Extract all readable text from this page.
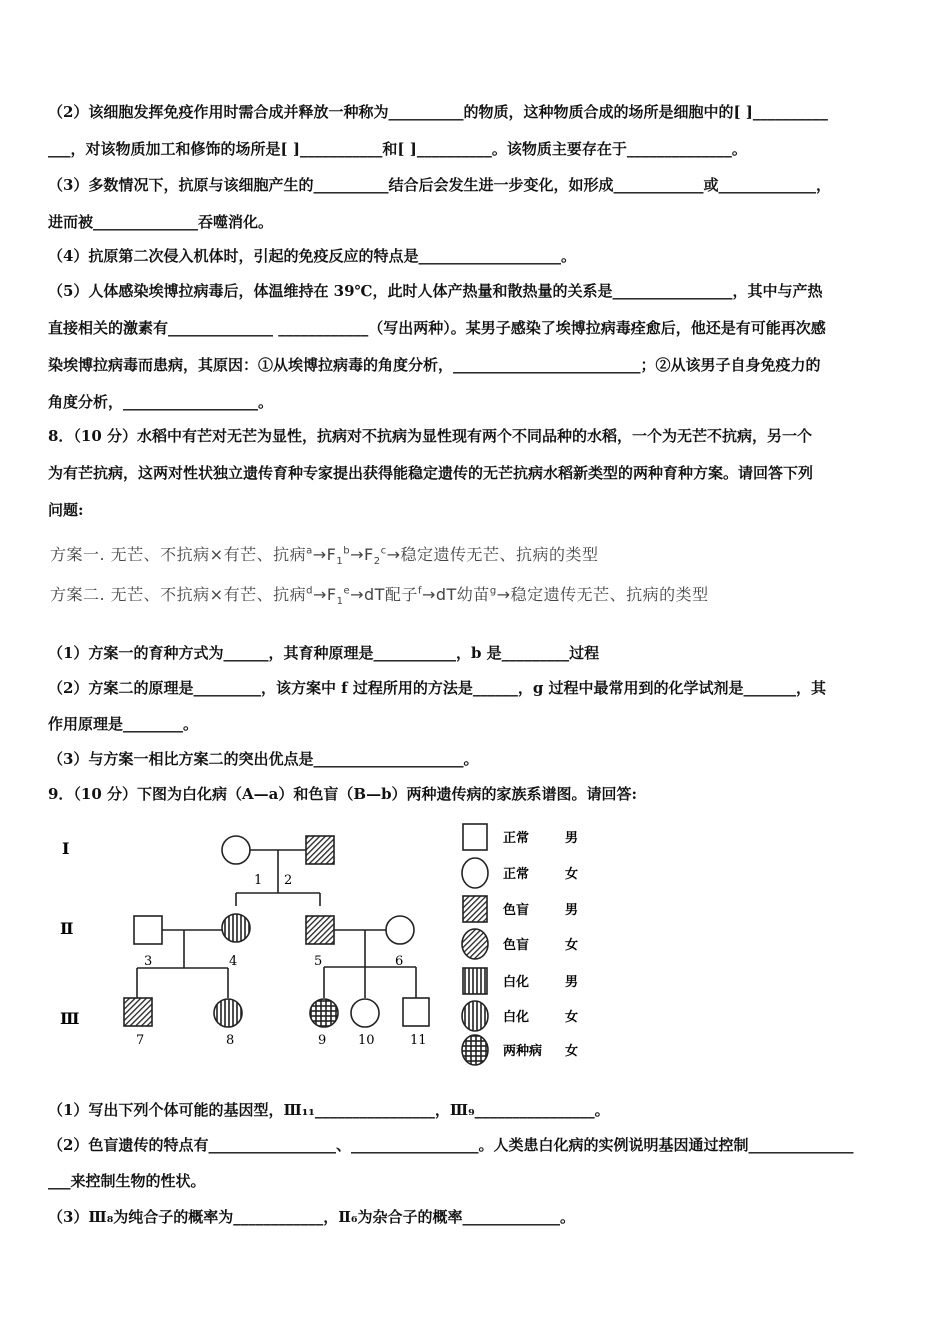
（2）该细胞发挥免疫作用时需合成并释放一种称为__________的物质，这种物质合成的场所是细胞中的[ ]__________
___，对该物质加工和修饰的场所是[ ]___________和[ ]__________。该物质主要存在于______________。
（3）多数情况下，抗原与该细胞产生的__________结合后会发生进一步变化，如形成____________或_____________，
进而被______________吞噬消化。
（4）抗原第二次侵入机体时，引起的免疫反应的特点是___________________。
（5）人体感染埃博拉病毒后，体温维持在 39℃，此时人体产热量和散热量的关系是________________，其中与产热
直接相关的激素有______________ ____________（写出两种）。某男子感染了埃博拉病毒痊愈后，他还是有可能再次感
染埃博拉病毒而患病，其原因：①从埃博拉病毒的角度分析，_________________________；②从该男子自身免疫力的
角度分析，__________________。
8．（10 分）水稻中有芒对无芒为显性，抗病对不抗病为显性现有两个不同品种的水稻，一个为无芒不抗病，另一个
为有芒抗病，这两对性状独立遗传育种专家提出获得能稳定遗传的无芒抗病水稻新类型的两种育种方案。请回答下列
问题:
方案一. 无芒、不抗病×有芒、抗病$^a\to F_1^b\to F_2^c\to$稳定遗传无芒、抗病的类型
方案二. 无芒、不抗病×有芒、抗病$^d\to F_1^e\to dT$配子$^f$→dT幼苗$^g$→稳定遗传无芒、抗病的类型
（1）方案一的育种方式为______，其育种原理是___________，b 是_________过程
（2）方案二的原理是_________，该方案中 f 过程所用的方法是______，g 过程中最常用到的化学试剂是_______，其
作用原理是________。
（3）与方案一相比方案二的突出优点是____________________。
9．（10 分）下图为白化病（A—a）和色盲（B—b）两种遗传病的家族系谱图。请回答:
I
Ⅱ
Ⅲ
1 2
3	4	5	6
7	8	9 10	11
正常	男
正常	女
色盲	男
色盲	女
白化	男
白化	女
两种病 女
（1）写出下列个体可能的基因型，Ⅲ₁₁________________，Ⅲ₉________________。
（2）色盲遗传的特点有_________________、_________________。人类患白化病的实例说明基因通过控制______________
___来控制生物的性状。
（3）Ⅲ₈为纯合子的概率为____________，Ⅱ₆为杂合子的概率_____________。
